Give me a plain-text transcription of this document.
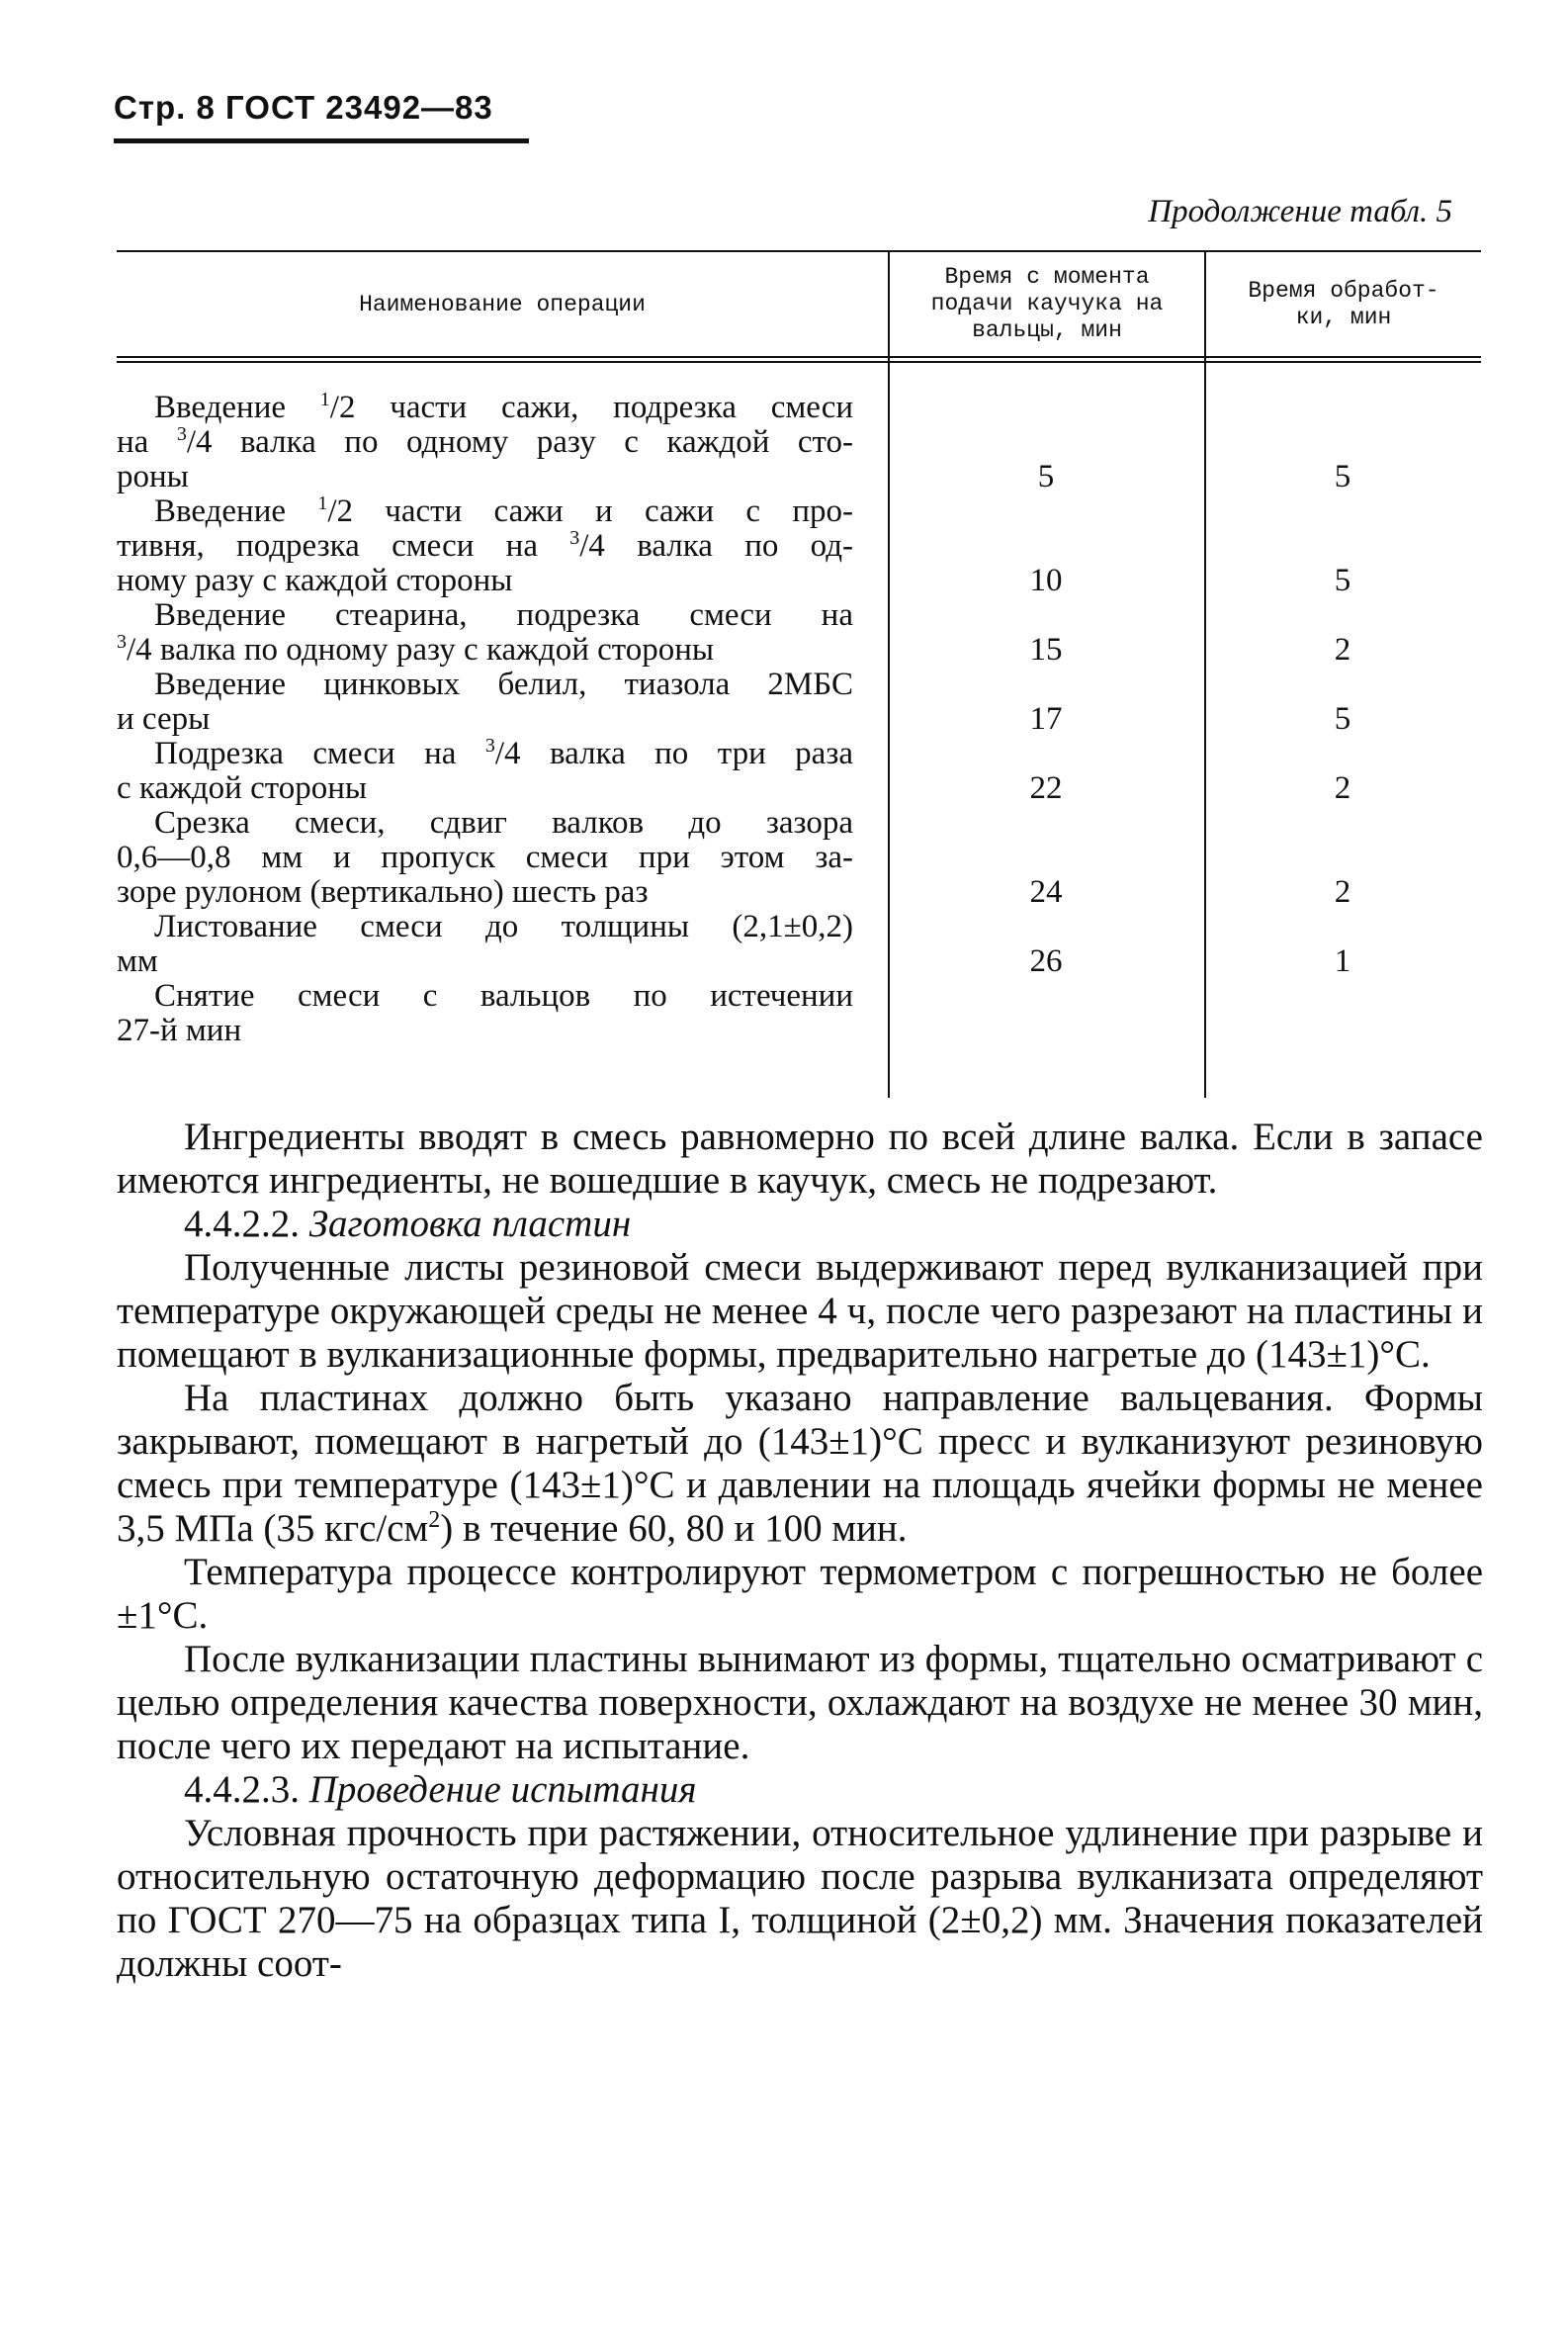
Стр. 8 ГОСТ 23492—83
Продолжение табл. 5
Наименование операции
Время с момента
подачи каучука на
вальцы, мин
Время обработ-
ки, мин
Введение $^1$/2 части сажи, подрезка смеси
на $^3$/4 валка по одному разу с каждой сто-
роны	5	5
Введение $^1$/2 части сажи и сажи с про-
тивня, подрезка смеси на $^3$/4 валка по од-
ному разу с каждой стороны	10	5
Введение стеарина, подрезка смеси на
$^3$/4 валка по одному разу с каждой стороны	15	2
Введение цинковых белил, тиазола 2МБС
и серы	17	5
Подрезка смеси на $^3$/4 валка по три раза
с каждой стороны	22	2
Срезка смеси, сдвиг валков до зазора
0,6—0,8 мм и пропуск смеси при этом за-
зоре рулоном (вертикально) шесть раз	24	2
Листование смеси до толщины (2,1±0,2)
мм	26	1
Снятие смеси с вальцов по истечении
27-й мин

Ингредиенты вводят в смесь равномерно по всей длине валка. Если в запасе имеются ингредиенты, не вошедшие в каучук, смесь не подрезают.

4.4.2.2. Заготовка пластин

Полученные листы резиновой смеси выдерживают перед вулканизацией при температуре окружающей среды не менее 4 ч, после чего разрезают на пластины и помещают в вулканизационные формы, предварительно нагретые до (143±1)°С.

На пластинах должно быть указано направление вальцевания. Формы закрывают, помещают в нагретый до (143±1)°С пресс и вулканизуют резиновую смесь при температуре (143±1)°С и давлении на площадь ячейки формы не менее 3,5 МПа (35 кгс/$см^2$) в течение 60, 80 и 100 мин.

Температура процессе контролируют термометром с погрешностью не более ±1°С.

После вулканизации пластины вынимают из формы, тщательно осматривают с целью определения качества поверхности, охлаждают на воздухе не менее 30 мин, после чего их передают на испытание.

4.4.2.3. Проведение испытания

Условная прочность при растяжении, относительное удлинение при разрыве и относительную остаточную деформацию после разрыва вулканизата определяют по ГОСТ 270—75 на образцах типа I, толщиной (2±0,2) мм. Значения показателей должны соот-
